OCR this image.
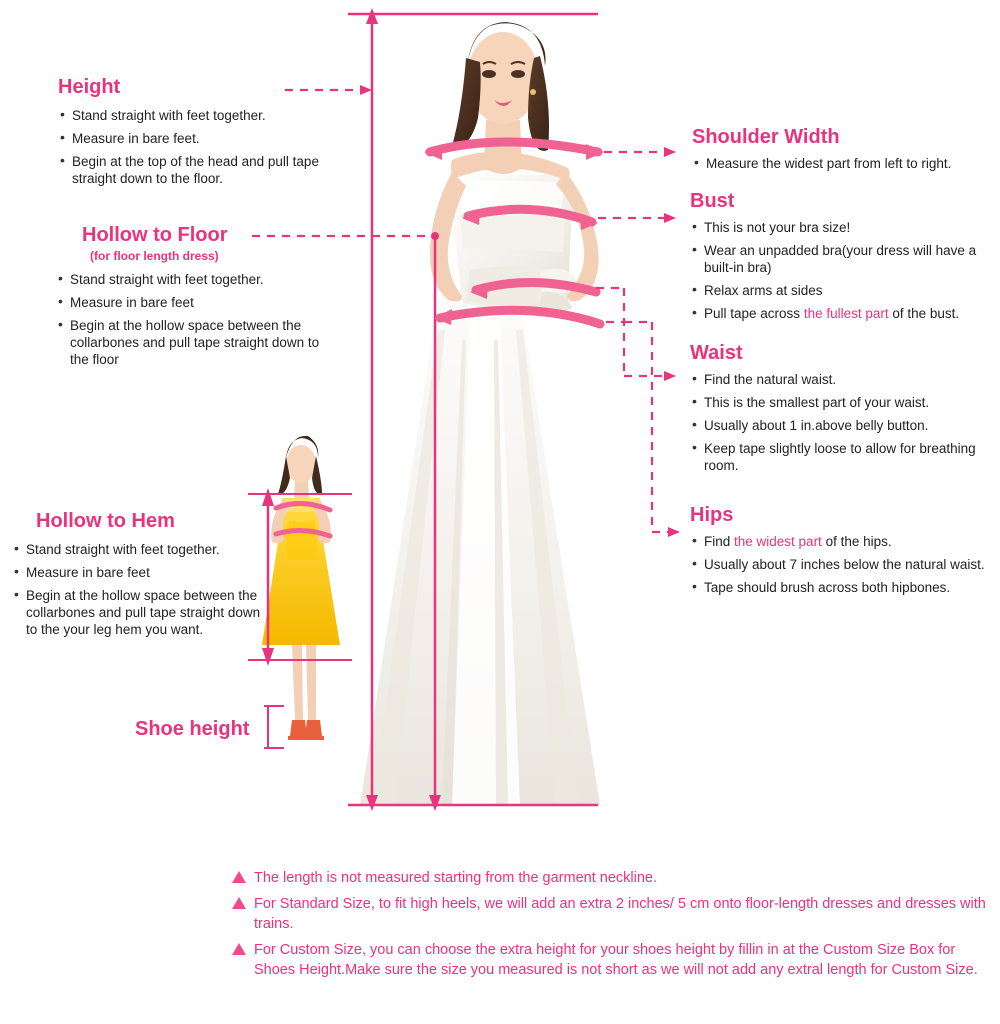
Height
• Stand straight with feet together.
• Measure in bare feet.
• Begin at the top of the head and pull tape straight down to the floor.
Hollow to Floor
(for floor length dress)
• Stand straight with feet together.
• Measure in bare feet
• Begin at the hollow space between the collarbones and pull tape straight down to the floor
Hollow to Hem
• Stand straight with feet together.
• Measure in bare feet
• Begin at the hollow space between the collarbones and pull tape straight down to the your leg hem you want.
Shoe height
Shoulder Width
• Measure the widest part from left to right.
Bust
• This is not your bra size!
• Wear an unpadded bra(your dress will have a built-in bra)
• Relax arms at sides
• Pull tape across the fullest part of the bust.
Waist
• Find the natural waist.
• This is the smallest part of your waist.
• Usually about 1 in.above belly button.
• Keep tape slightly loose to allow for breathing room.
Hips
• Find the widest part of the hips.
• Usually about 7 inches below the natural waist.
• Tape should brush across both hipbones.
The length is not measured starting from the garment neckline.
For Standard Size, to fit high heels, we will add an extra 2 inches/ 5 cm onto floor-length dresses and dresses with trains.
For Custom Size, you can choose the extra height for your shoes height by fillin in at the Custom Size Box for Shoes Height.Make sure the size you measured is not short as we will not add any extral length for Custom Size.
